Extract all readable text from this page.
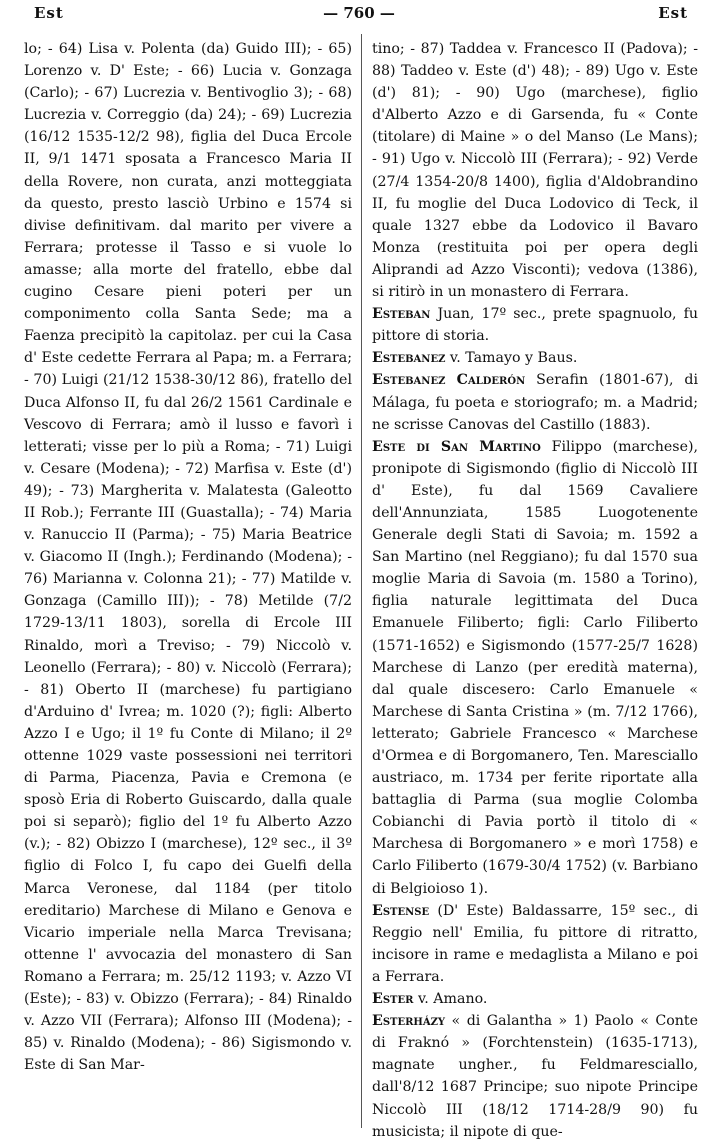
Est	— 760 —	Est

lo; - 64) Lisa v. Polenta (da) Guido III); - 65) Lorenzo v. D' Este; - 66) Lucia v. Gonzaga (Carlo); - 67) Lucrezia v. Bentivoglio 3); - 68) Lucrezia v. Correggio (da) 24); - 69) Lucrezia (16/12 1535-12/2 98), figlia del Duca Ercole II, 9/1 1471 sposata a Francesco Maria II della Rovere, non curata, anzi motteggiata da questo, presto lasciò Urbino e 1574 si divise definitivam. dal marito per vivere a Ferrara; protesse il Tasso e si vuole lo amasse; alla morte del fratello, ebbe dal cugino Cesare pieni poteri per un componimento colla Santa Sede; ma a Faenza precipitò la capitolaz. per cui la Casa d' Este cedette Ferrara al Papa; m. a Ferrara; - 70) Luigi (21/12 1538-30/12 86), fratello del Duca Alfonso II, fu dal 26/2 1561 Cardinale e Vescovo di Ferrara; amò il lusso e favorì i letterati; visse per lo più a Roma; - 71) Luigi v. Cesare (Modena); - 72) Marfisa v. Este (d') 49); - 73) Margherita v. Malatesta (Galeotto II Rob.); Ferrante III (Guastalla); - 74) Maria v. Ranuccio II (Parma); - 75) Maria Beatrice v. Giacomo II (Ingh.); Ferdinando (Modena); - 76) Marianna v. Colonna 21); - 77) Matilde v. Gonzaga (Camillo III)); - 78) Metilde (7/2 1729-13/11 1803), sorella di Ercole III Rinaldo, morì a Treviso; - 79) Niccolò v. Leonello (Ferrara); - 80) v. Niccolò (Ferrara); - 81) Oberto II (marchese) fu partigiano d'Arduino d' Ivrea; m. 1020 (?); figli: Alberto Azzo I e Ugo; il 1º fu Conte di Milano; il 2º ottenne 1029 vaste possessioni nei territori di Parma, Piacenza, Pavia e Cremona (e sposò Eria di Roberto Guiscardo, dalla quale poi si separò); figlio del 1º fu Alberto Azzo (v.); - 82) Obizzo I (marchese), 12º sec., il 3º figlio di Folco I, fu capo dei Guelfi della Marca Veronese, dal 1184 (per titolo ereditario) Marchese di Milano e Genova e Vicario imperiale nella Marca Trevisana; ottenne l' avvocazia del monastero di San Romano a Ferrara; m. 25/12 1193; v. Azzo VI (Este); - 83) v. Obizzo (Ferrara); - 84) Rinaldo v. Azzo VII (Ferrara); Alfonso III (Modena); - 85) v. Rinaldo (Modena); - 86) Sigismondo v. Este di San Mar-

tino; - 87) Taddea v. Francesco II (Padova); - 88) Taddeo v. Este (d') 48); - 89) Ugo v. Este (d') 81); - 90) Ugo (marchese), figlio d'Alberto Azzo e di Garsenda, fu « Conte (titolare) di Maine » o del Manso (Le Mans); - 91) Ugo v. Niccolò III (Ferrara); - 92) Verde (27/4 1354-20/8 1400), figlia d'Aldobrandino II, fu moglie del Duca Lodovico di Teck, il quale 1327 ebbe da Lodovico il Bavaro Monza (restituita poi per opera degli Aliprandi ad Azzo Visconti); vedova (1386), si ritirò in un monastero di Ferrara.

Esteban Juan, 17º sec., prete spagnuolo, fu pittore di storia.

Estebanez v. Tamayo y Baus.

Estebanez Calderón Serafin (1801-67), di Málaga, fu poeta e storiografo; m. a Madrid; ne scrisse Canovas del Castillo (1883).

Este di San Martino Filippo (marchese), pronipote di Sigismondo (figlio di Niccolò III d' Este), fu dal 1569 Cavaliere dell'Annunziata, 1585 Luogotenente Generale degli Stati di Savoia; m. 1592 a San Martino (nel Reggiano); fu dal 1570 sua moglie Maria di Savoia (m. 1580 a Torino), figlia naturale legittimata del Duca Emanuele Filiberto; figli: Carlo Filiberto (1571-1652) e Sigismondo (1577-25/7 1628) Marchese di Lanzo (per eredità materna), dal quale discesero: Carlo Emanuele « Marchese di Santa Cristina » (m. 7/12 1766), letterato; Gabriele Francesco « Marchese d'Ormea e di Borgomanero, Ten. Maresciallo austriaco, m. 1734 per ferite riportate alla battaglia di Parma (sua moglie Colomba Cobianchi di Pavia portò il titolo di « Marchesa di Borgomanero » e morì 1758) e Carlo Filiberto (1679-30/4 1752) (v. Barbiano di Belgioioso 1).

Estense (D' Este) Baldassarre, 15º sec., di Reggio nell' Emilia, fu pittore di ritratto, incisore in rame e medaglista a Milano e poi a Ferrara.

Ester v. Amano.

Esterházy « di Galantha » 1) Paolo « Conte di Fraknó » (Forchtenstein) (1635-1713), magnate ungher., fu Feldmaresciallo, dall'8/12 1687 Principe; suo nipote Principe Niccolò III (18/12 1714-28/9 90) fu musicista; il nipote di que-
